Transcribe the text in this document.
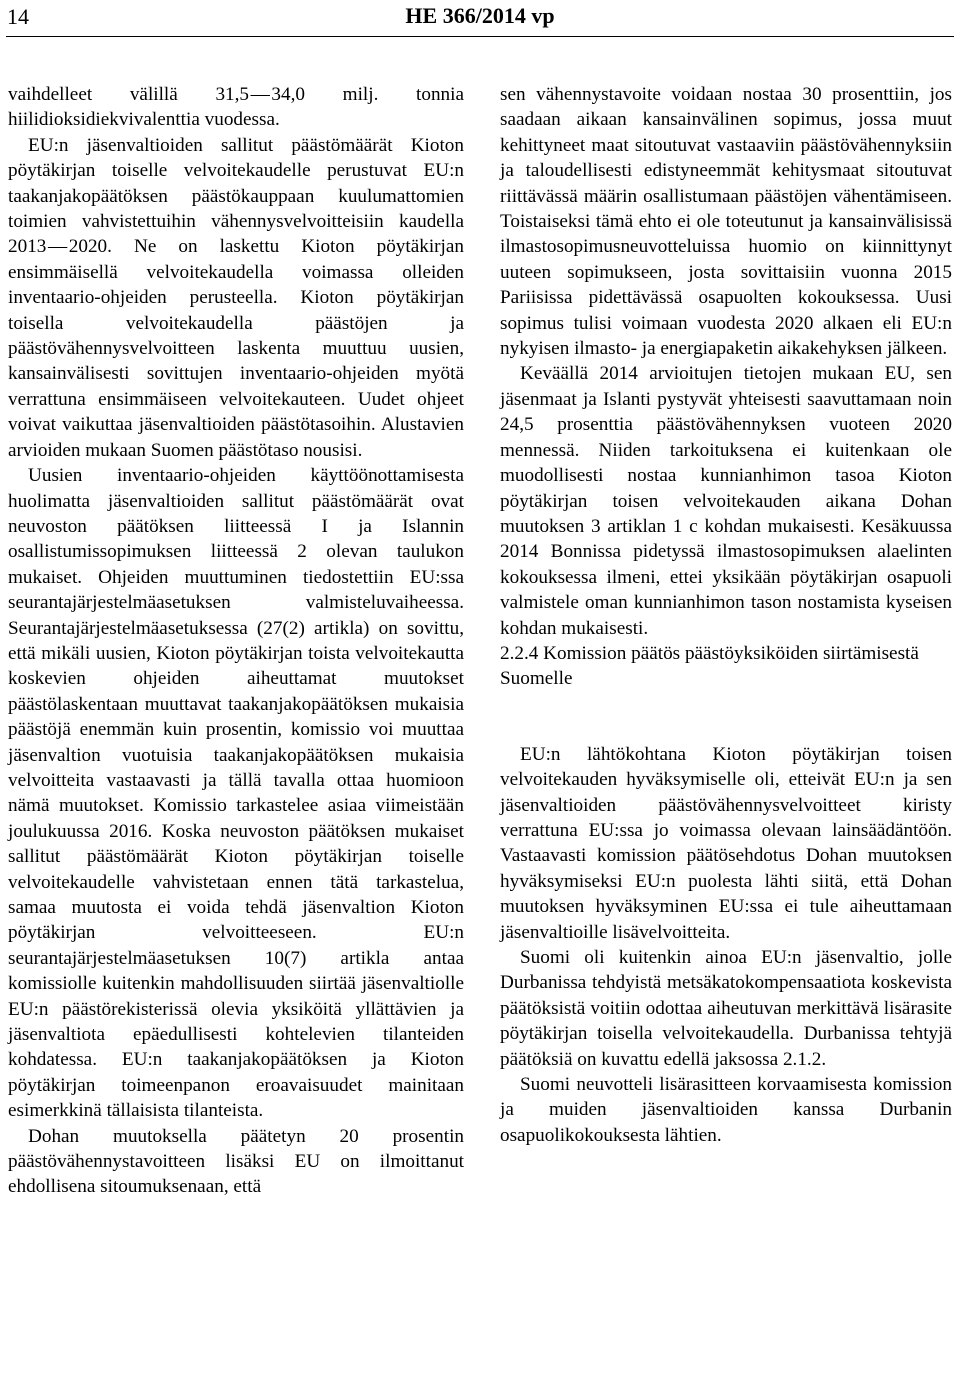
14	HE 366/2014 vp

vaihdelleet välillä 31,5 — 34,0 milj. tonnia hiilidioksidiekvivalenttia vuodessa.

EU:n jäsenvaltioiden sallitut päästömäärät Kioton pöytäkirjan toiselle velvoitekaudelle perustuvat EU:n taakanjakopäätöksen päästökauppaan kuulumattomien toimien vahvistettuihin vähennysvelvoitteisiin kaudella 2013 — 2020. Ne on laskettu Kioton pöytäkirjan ensimmäisellä velvoitekaudella voimassa olleiden inventaario-ohjeiden perusteella. Kioton pöytäkirjan toisella velvoitekaudella päästöjen ja päästövähennysvelvoitteen laskenta muuttuu uusien, kansainvälisesti sovittujen inventaario-ohjeiden myötä verrattuna ensimmäiseen velvoitekauteen. Uudet ohjeet voivat vaikuttaa jäsenvaltioiden päästötasoihin. Alustavien arvioiden mukaan Suomen päästötaso nousisi.

Uusien inventaario-ohjeiden käyttöönottamisesta huolimatta jäsenvaltioiden sallitut päästömäärät ovat neuvoston päätöksen liitteessä I ja Islannin osallistumissopimuksen liitteessä 2 olevan taulukon mukaiset. Ohjeiden muuttuminen tiedostettiin EU:ssa seurantajärjestelmäasetuksen valmisteluvaiheessa. Seurantajärjestelmäasetuksessa (27(2) artikla) on sovittu, että mikäli uusien, Kioton pöytäkirjan toista velvoitekautta koskevien ohjeiden aiheuttamat muutokset päästölaskentaan muuttavat taakanjakopäätöksen mukaisia päästöjä enemmän kuin prosentin, komissio voi muuttaa jäsenvaltion vuotuisia taakanjakopäätöksen mukaisia velvoitteita vastaavasti ja tällä tavalla ottaa huomioon nämä muutokset. Komissio tarkastelee asiaa viimeistään joulukuussa 2016. Koska neuvoston päätöksen mukaiset sallitut päästömäärät Kioton pöytäkirjan toiselle velvoitekaudelle vahvistetaan ennen tätä tarkastelua, samaa muutosta ei voida tehdä jäsenvaltion Kioton pöytäkirjan velvoitteeseen. EU:n seurantajärjestelmäasetuksen 10(7) artikla antaa komissiolle kuitenkin mahdollisuuden siirtää jäsenvaltiolle EU:n päästörekisterissä olevia yksiköitä yllättävien ja jäsenvaltiota epäedullisesti kohtelevien tilanteiden kohdatessa. EU:n taakanjakopäätöksen ja Kioton pöytäkirjan toimeenpanon eroavaisuudet mainitaan esimerkkinä tällaisista tilanteista.

Dohan muutoksella päätetyn 20 prosentin päästövähennystavoitteen lisäksi EU on ilmoittanut ehdollisena sitoumuksenaan, että

sen vähennystavoite voidaan nostaa 30 prosenttiin, jos saadaan aikaan kansainvälinen sopimus, jossa muut kehittyneet maat sitoutuvat vastaaviin päästövähennyksiin ja taloudellisesti edistyneemmät kehitysmaat sitoutuvat riittävässä määrin osallistumaan päästöjen vähentämiseen. Toistaiseksi tämä ehto ei ole toteutunut ja kansainvälisissä ilmastosopimusneuvotteluissa huomio on kiinnittynyt uuteen sopimukseen, josta sovittaisiin vuonna 2015 Pariisissa pidettävässä osapuolten kokouksessa. Uusi sopimus tulisi voimaan vuodesta 2020 alkaen eli EU:n nykyisen ilmasto- ja energiapaketin aikakehyksen jälkeen.

Keväällä 2014 arvioitujen tietojen mukaan EU, sen jäsenmaat ja Islanti pystyvät yhteisesti saavuttamaan noin 24,5 prosenttia päästövähennyksen vuoteen 2020 mennessä. Niiden tarkoituksena ei kuitenkaan ole muodollisesti nostaa kunnianhimon tasoa Kioton pöytäkirjan toisen velvoitekauden aikana Dohan muutoksen 3 artiklan 1 c kohdan mukaisesti. Kesäkuussa 2014 Bonnissa pidetyssä ilmastosopimuksen alaelinten kokouksessa ilmeni, ettei yksikään pöytäkirjan osapuoli valmistele oman kunnianhimon tason nostamista kyseisen kohdan mukaisesti.

2.2.4 Komission päätös päästöyksiköiden siirtämisestä Suomelle

EU:n lähtökohtana Kioton pöytäkirjan toisen velvoitekauden hyväksymiselle oli, etteivät EU:n ja sen jäsenvaltioiden päästövähennysvelvoitteet kiristy verrattuna EU:ssa jo voimassa olevaan lainsäädäntöön. Vastaavasti komission päätösehdotus Dohan muutoksen hyväksymiseksi EU:n puolesta lähti siitä, että Dohan muutoksen hyväksyminen EU:ssa ei tule aiheuttamaan jäsenvaltioille lisävelvoitteita.

Suomi oli kuitenkin ainoa EU:n jäsenvaltio, jolle Durbanissa tehdyistä metsäkatokompensaatiota koskevista päätöksistä voitiin odottaa aiheutuvan merkittävä lisärasite pöytäkirjan toisella velvoitekaudella. Durbanissa tehtyjä päätöksiä on kuvattu edellä jaksossa 2.1.2.

Suomi neuvotteli lisärasitteen korvaamisesta komission ja muiden jäsenvaltioiden kanssa Durbanin osapuolikokouksesta lähtien.
